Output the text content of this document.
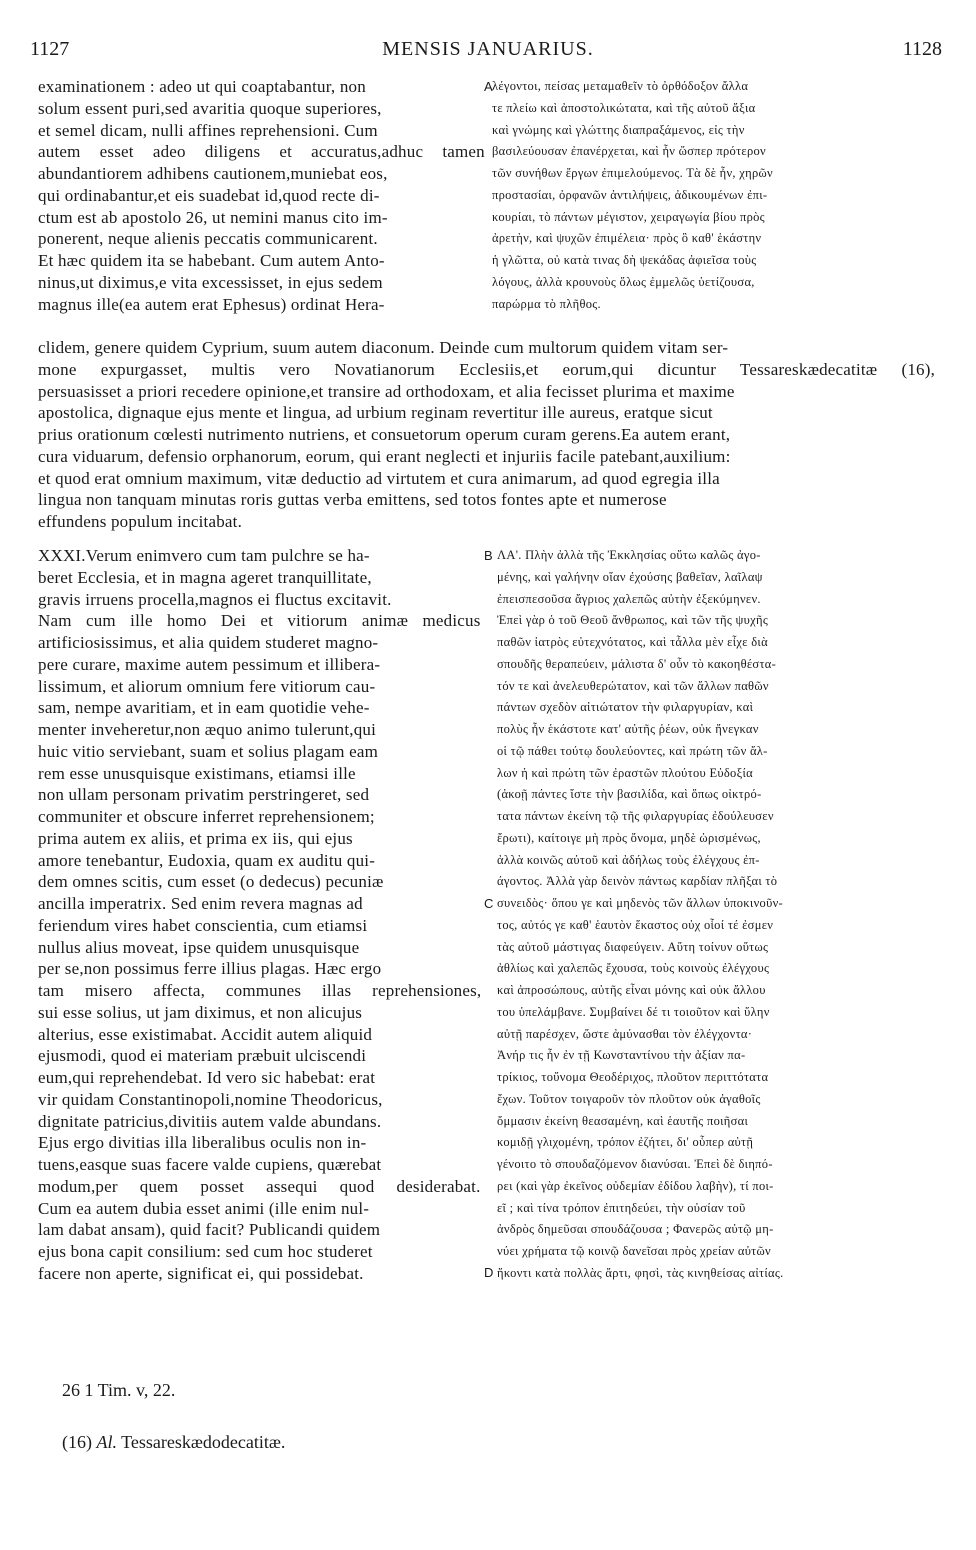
1127	MENSIS JANUARIUS.	1128
examinationem : adeo ut qui coaptabantur, non
solum essent puri,sed avaritia quoque superiores,
et semel dicam, nulli affines reprehensioni. Cum
autem esset adeo diligens et accuratus,adhuc tamen
abundantiorem adhibens cautionem,muniebat eos,
qui ordinabantur,et eis suadebat id,quod recte di-
ctum est ab apostolo 26, ut nemini manus cito im-
ponerent, neque alienis peccatis communicarent.
Et hæc quidem ita se habebant. Cum autem Anto-
ninus,ut diximus,e vita excessisset, in ejus sedem
magnus ille(ea autem erat Ephesus) ordinat Hera-
λέγοντοι, πείσας μεταμαθεῖν τὸ ὀρθόδοξον ἄλλα
τε πλείω καὶ ἀποστολικώτατα, καὶ τῆς αὐτοῦ ἄξια
καὶ γνώμης καὶ γλώττης διαπραξάμενος, εἰς τὴν
βασιλεύουσαν ἐπανέρχεται, καὶ ἦν ὥσπερ πρότερον
τῶν συνήθων ἔργων ἐπιμελούμενος. Τὰ δὲ ἦν, χηρῶν
προστασίαι, ὀρφανῶν ἀντιλήψεις, ἀδικουμένων ἐπι-
κουρίαι, τὸ πάντων μέγιστον, χειραγωγία βίου πρὸς
ἀρετὴν, καὶ ψυχῶν ἐπιμέλεια· πρὸς ὃ καθ' ἑκάστην
ἡ γλῶττα, οὐ κατὰ τινας δὴ ψεκάδας ἀφιεῖσα τοὺς
λόγους, ἀλλὰ κρουνοὺς ὅλως ἐμμελῶς ὑετίζουσα,
παρώρμα τὸ πλῆθος.
clidem, genere quidem Cyprium, suum autem diaconum. Deinde cum multorum quidem vitam ser-
mone expurgasset, multis vero Novatianorum Ecclesiis,et eorum,qui dicuntur Tessareskædecatitæ (16),
persuasisset a priori recedere opinione,et transire ad orthodoxam, et alia fecisset plurima et maxime
apostolica, dignaque ejus mente et lingua, ad urbium reginam revertitur ille aureus, eratque sicut
prius orationum cœlesti nutrimento nutriens, et consuetorum operum curam gerens.Ea autem erant,
cura viduarum, defensio orphanorum, eorum, qui erant neglecti et injuriis facile patebant,auxilium:
et quod erat omnium maximum, vitæ deductio ad virtutem et cura animarum, ad quod egregia illa
lingua non tanquam minutas roris guttas verba emittens, sed totos fontes apte et numerose
effundens populum incitabat.
XXXI.Verum enimvero cum tam pulchre se ha-
beret Ecclesia, et in magna ageret tranquillitate,
gravis irruens procella,magnos ei fluctus excitavit.
Nam cum ille homo Dei et vitiorum animæ medicus
artificiosissimus, et alia quidem studeret magno-
pere curare, maxime autem pessimum et illibera-
lissimum, et aliorum omnium fere vitiorum cau-
sam, nempe avaritiam, et in eam quotidie vehe-
menter inveheretur,non æquo animo tulerunt,qui
huic vitio serviebant, suam et solius plagam eam
rem esse unusquisque existimans, etiamsi ille
non ullam personam privatim perstringeret, sed
communiter et obscure inferret reprehensionem;
prima autem ex aliis, et prima ex iis, qui ejus
amore tenebantur, Eudoxia, quam ex auditu qui-
dem omnes scitis, cum esset (o dedecus) pecuniæ
ancilla imperatrix. Sed enim revera magnas ad
feriendum vires habet conscientia, cum etiamsi
nullus alius moveat, ipse quidem unusquisque
per se,non possimus ferre illius plagas. Hæc ergo
tam misero affecta, communes illas reprehensiones,
sui esse solius, ut jam diximus, et non alicujus
alterius, esse existimabat. Accidit autem aliquid
ejusmodi, quod ei materiam præbuit ulciscendi
eum,qui reprehendebat. Id vero sic habebat: erat
vir quidam Constantinopoli,nomine Theodoricus,
dignitate patricius,divitiis autem valde abundans.
Ejus ergo divitias illa liberalibus oculis non in-
tuens,easque suas facere valde cupiens, quærebat
modum,per quem posset assequi quod desiderabat.
Cum ea autem dubia esset animi (ille enim nul-
lam dabat ansam), quid facit? Publicandi quidem
ejus bona capit consilium: sed cum hoc studeret
facere non aperte, significat ei, qui possidebat.
ΛΑ'. Πλὴν ἀλλὰ τῆς Ἐκκλησίας οὕτω καλῶς ἀγο-
μένης, καὶ γαλήνην οἵαν ἐχούσης βαθεῖαν, λαῖλαψ
ἐπεισπεσοῦσα ἄγριος χαλεπῶς αὐτὴν ἐξεκύμηνεν.
Ἐπεὶ γὰρ ὁ τοῦ Θεοῦ ἄνθρωπος, καὶ τῶν τῆς ψυχῆς
παθῶν ἰατρὸς εὐτεχνότατος, καὶ τἆλλα μὲν εἶχε διὰ
σπουδῆς θεραπεύειν, μάλιστα δ' οὖν τὸ κακοηθέστα-
τόν τε καὶ ἀνελευθερώτατον, καὶ τῶν ἄλλων παθῶν
πάντων σχεδὸν αἰτιώτατον τὴν φιλαργυρίαν, καὶ
πολὺς ἦν ἑκάστοτε κατ' αὐτῆς ῥέων, οὐκ ἤνεγκαν
οἱ τῷ πάθει τούτῳ δουλεύοντες, καὶ πρώτη τῶν ἄλ-
λων ἡ καὶ πρώτη τῶν ἐραστῶν πλούτου Εὐδοξία
(ἀκοῇ πάντες ἴστε τὴν βασιλίδα, καὶ ὅπως οἰκτρό-
τατα πάντων ἐκείνη τῷ τῆς φιλαργυρίας ἐδούλευσεν
ἔρωτι), καίτοιγε μὴ πρὸς ὄνομα, μηδὲ ὡρισμένως,
ἀλλὰ κοινῶς αὐτοῦ καὶ ἀδήλως τοὺς ἐλέγχους ἐπ-
άγοντος. Ἀλλὰ γὰρ δεινὸν πάντως καρδίαν πλῆξαι τὸ
συνειδὸς· ὅπου γε καὶ μηδενὸς τῶν ἄλλων ὑποκινοῦν-
τος, αὐτός γε καθ' ἑαυτὸν ἕκαστος οὐχ οἷοί τέ ἐσμεν
τὰς αὐτοῦ μάστιγας διαφεύγειν. Αὕτη τοίνυν οὕτως
ἀθλίως καὶ χαλεπῶς ἔχουσα, τοὺς κοινοὺς ἐλέγχους
καὶ ἀπροσώπους, αὐτῆς εἶναι μόνης καὶ οὐκ ἄλλου
του ὑπελάμβανε. Συμβαίνει δέ τι τοιοῦτον καὶ ὕλην
αὐτῇ παρέσχεν, ὥστε ἀμύνασθαι τὸν ἐλέγχοντα·
Ἀνήρ τις ἦν ἐν τῇ Κωνσταντίνου τὴν ἀξίαν πα-
τρίκιος, τοὔνομα Θεοδέριχος, πλοῦτον περιττότατα
ἔχων. Τοῦτον τοιγαροῦν τὸν πλοῦτον οὐκ ἀγαθοῖς
ὄμμασιν ἐκείνη θεασαμένη, καὶ ἑαυτῆς ποιῆσαι
κομιδῇ γλιχομένη, τρόπον ἐζήτει, δι' οὗπερ αὐτῇ
γένοιτο τὸ σπουδαζόμενον διανύσαι. Ἐπεὶ δὲ διηπό-
ρει (καὶ γὰρ ἐκεῖνος οὐδεμίαν ἐδίδου λαβὴν), τί ποι-
εῖ ; καὶ τίνα τρόπον ἐπιτηδεύει, τὴν οὐσίαν τοῦ
ἀνδρὸς δημεῦσαι σπουδάζουσα ; Φανερῶς αὐτῷ μη-
νύει χρήματα τῷ κοινῷ δανεῖσαι πρὸς χρείαν αὐτῶν
ἥκοντι κατὰ πολλὰς ἄρτι, φησὶ, τὰς κινηθείσας αἰτίας.
A
B
C
D
26 1 Tim. v, 22.
(16) Al. Tessareskædodecatitæ.
